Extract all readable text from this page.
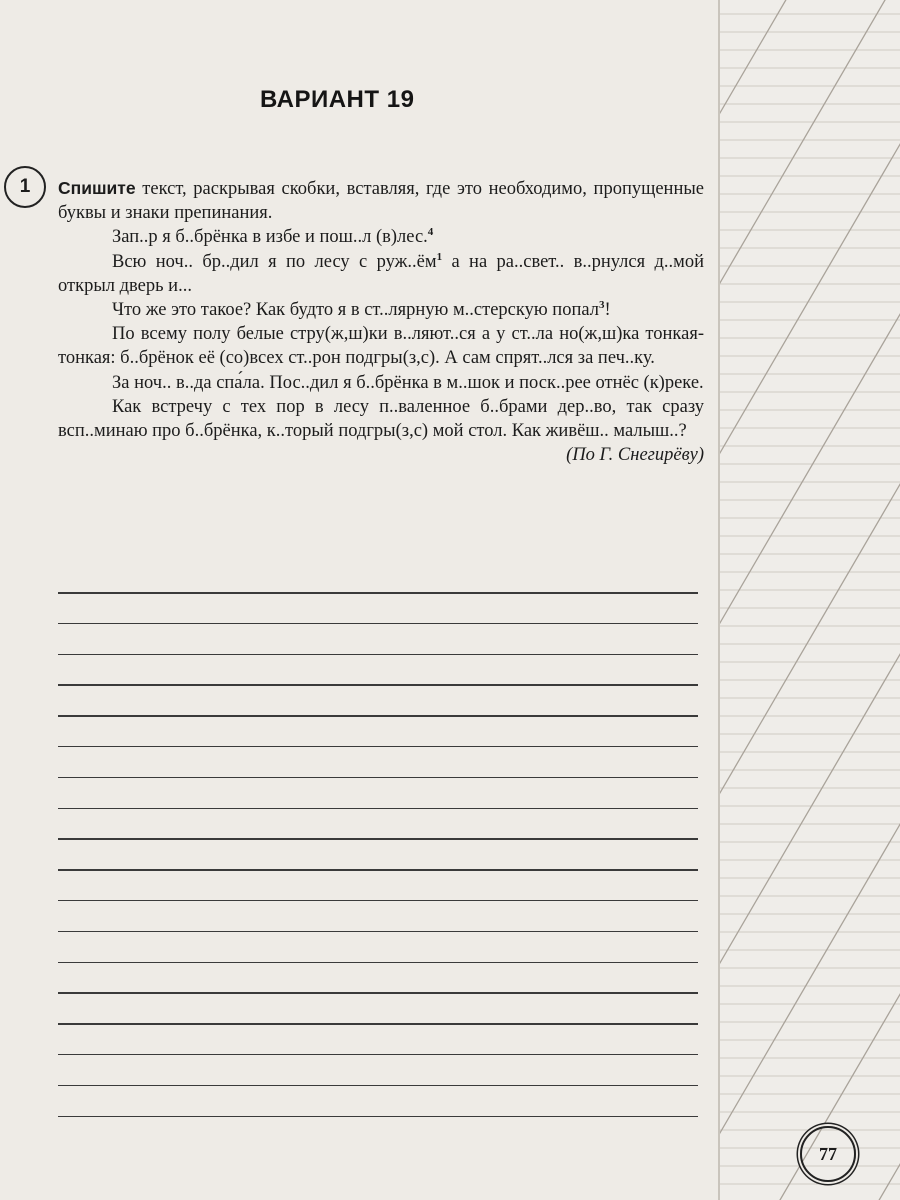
ВАРИАНТ 19
1	Спишите текст, раскрывая скобки, вставляя, где это необходимо, пропущенные буквы и знаки препинания.

Зап..р я б..брёнка в избе и пош..л (в)лес.$^4$

Всю ноч.. бр..дил я по лесу с $руж..ём^1$ а на ра..свет.. в..рнулся д..мой открыл дверь и...

Что же это такое? Как будто я в ст..лярную м..стерскую попал$^3$!

По всему полу белые стру(ж,ш)ки в..ляют..ся а у ст..ла но(ж,ш)ка тонкая-тонкая: б..брёнок её (со)всех ст..рон подгры(з,с). А сам спрят..лся за печ..ку.

За ноч.. в..да спа́ла. Пос..дил я б..брёнка в м..шок и поск..рее отнёс (к)реке.

Как встречу с тех пор в лесу п..валенное б..брами дер..во, так сразу всп..минаю про б..брёнка, к..торый подгры(з,с) мой стол. Как живёш.. малыш..?

(По Г. Снегирёву)

77
